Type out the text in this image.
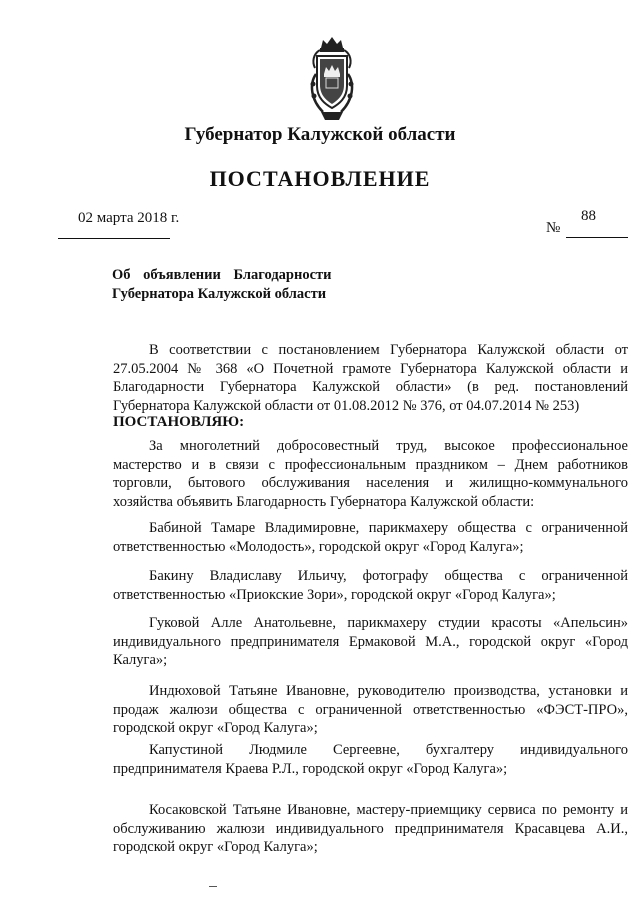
Губернатор Калужской области
ПОСТАНОВЛЕНИЕ
02 марта 2018 г.	88
№
Об объявлении Благодарности
Губернатора Калужской области

В соответствии с постановлением Губернатора Калужской области от 27.05.2004 № 368 «О Почетной грамоте Губернатора Калужской области и Благодарности Губернатора Калужской области» (в ред. постановлений Губернатора Калужской области от 01.08.2012 № 376, от 04.07.2014 № 253)

ПОСТАНОВЛЯЮ:

За многолетний добросовестный труд, высокое профессиональное мастерство и в связи с профессиональным праздником – Днем работников торговли, бытового обслуживания населения и жилищно-коммунального хозяйства объявить Благодарность Губернатора Калужской области:

Бабиной Тамаре Владимировне, парикмахеру общества с ограниченной ответственностью «Молодость», городской округ «Город Калуга»;

Бакину Владиславу Ильичу, фотографу общества с ограниченной ответственностью «Приокские Зори», городской округ «Город Калуга»;

Гуковой Алле Анатольевне, парикмахеру студии красоты «Апельсин» индивидуального предпринимателя Ермаковой М.А., городской округ «Город Калуга»;

Индюховой Татьяне Ивановне, руководителю производства, установки и продаж жалюзи общества с ограниченной ответственностью «ФЭСТ-ПРО», городской округ «Город Калуга»;

Капустиной Людмиле Сергеевне, бухгалтеру индивидуального предпринимателя Краева Р.Л., городской округ «Город Калуга»;

Косаковской Татьяне Ивановне, мастеру-приемщику сервиса по ремонту и обслуживанию жалюзи индивидуального предпринимателя Красавцева А.И., городской округ «Город Калуга»;
